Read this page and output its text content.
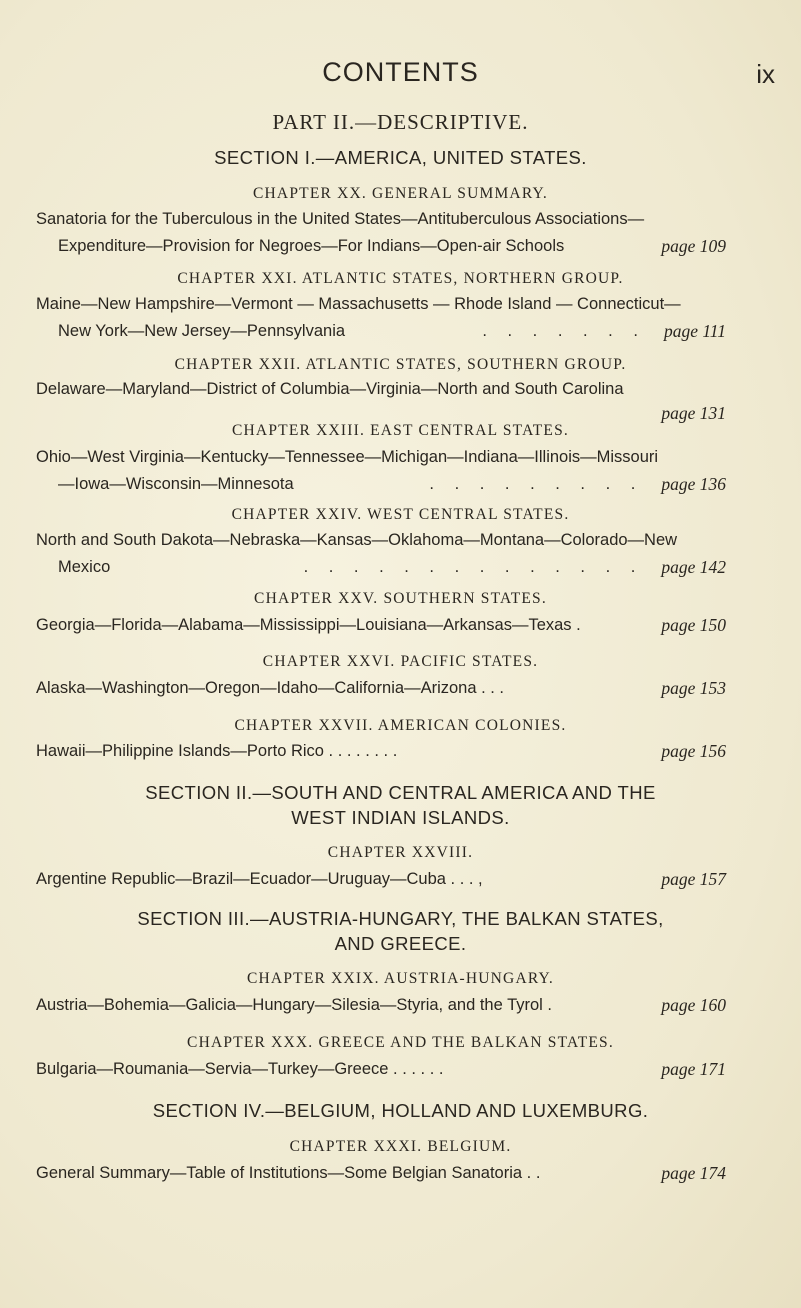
CONTENTS	ix
PART II.—DESCRIPTIVE.
SECTION I.—AMERICA, UNITED STATES.
CHAPTER XX. GENERAL SUMMARY.
Sanatoria for the Tuberculous in the United States—Antituberculous Associations—
Expenditure—Provision for Negroes—For Indians—Open-air Schools	page 109
CHAPTER XXI. ATLANTIC STATES, NORTHERN GROUP.
Maine—New Hampshire—Vermont — Massachusetts — Rhode Island — Connecticut—
New York—New Jersey—Pennsylvania	page 111
. . . . . . .
CHAPTER XXII. ATLANTIC STATES, SOUTHERN GROUP.
Delaware—Maryland—District of Columbia—Virginia—North and South Carolina
page 131
CHAPTER XXIII. EAST CENTRAL STATES.
Ohio—West Virginia—Kentucky—Tennessee—Michigan—Indiana—Illinois—Missouri
—Iowa—Wisconsin—Minnesota	page 136
. . . . . . . . .
CHAPTER XXIV. WEST CENTRAL STATES.
North and South Dakota—Nebraska—Kansas—Oklahoma—Montana—Colorado—New
Mexico	page 142
. . . . . . . . . . . . . .
CHAPTER XXV. SOUTHERN STATES.
Georgia—Florida—Alabama—Mississippi—Louisiana—Arkansas—Texas .	page 150
CHAPTER XXVI. PACIFIC STATES.
Alaska—Washington—Oregon—Idaho—California—Arizona . . .	page 153
CHAPTER XXVII. AMERICAN COLONIES.
Hawaii—Philippine Islands—Porto Rico . . . . . . . .	page 156
SECTION II.—SOUTH AND CENTRAL AMERICA AND THE
WEST INDIAN ISLANDS.
CHAPTER XXVIII.
Argentine Republic—Brazil—Ecuador—Uruguay—Cuba . . . ,	page 157
SECTION III.—AUSTRIA-HUNGARY, THE BALKAN STATES,
AND GREECE.
CHAPTER XXIX. AUSTRIA-HUNGARY.
Austria—Bohemia—Galicia—Hungary—Silesia—Styria, and the Tyrol .	page 160
CHAPTER XXX. GREECE AND THE BALKAN STATES.
Bulgaria—Roumania—Servia—Turkey—Greece . . . . . .	page 171
SECTION IV.—BELGIUM, HOLLAND AND LUXEMBURG.
CHAPTER XXXI. BELGIUM.
General Summary—Table of Institutions—Some Belgian Sanatoria . .	page 174
